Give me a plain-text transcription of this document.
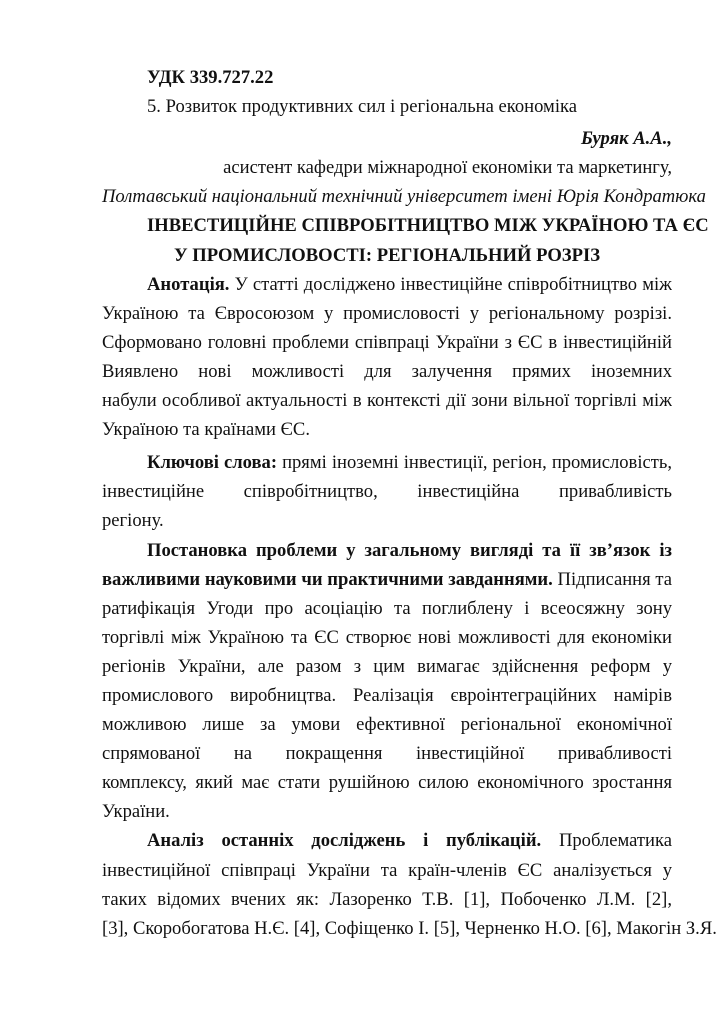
УДК 339.727.22
5. Розвиток продуктивних сил і регіональна економіка
Буряк А.А.,
асистент кафедри міжнародної економіки та маркетингу,
Полтавський національний технічний університет імені Юрія Кондратюка
ІНВЕСТИЦІЙНЕ СПІВРОБІТНИЦТВО МІЖ УКРАЇНОЮ ТА ЄС
У ПРОМИСЛОВОСТІ: РЕГІОНАЛЬНИЙ РОЗРІЗ
Анотація. У статті досліджено інвестиційне співробітництво між
Україною та Євросоюзом у промисловості у регіональному розрізі.
Сформовано головні проблеми співпраці України з ЄС в інвестиційній
Виявлено нові можливості для залучення прямих іноземних
набули особливої актуальності в контексті дії зони вільної торгівлі між
Україною та країнами ЄС.
Ключові слова: прямі іноземні інвестиції, регіон, промисловість,
інвестиційне співробітництво, інвестиційна привабливість
регіону.
Постановка проблеми у загальному вигляді та її зв’язок із
важливими науковими чи практичними завданнями. Підписання та
ратифікація Угоди про асоціацію та поглиблену і всеосяжну зону
торгівлі між Україною та ЄС створює нові можливості для економіки
регіонів України, але разом з цим вимагає здійснення реформ у
промислового виробництва. Реалізація євроінтеграційних намірів
можливою лише за умови ефективної регіональної економічної
спрямованої на покращення інвестиційної привабливості
комплексу, який має стати рушійною силою економічного зростання
України.
Аналіз останніх досліджень і публікацій. Проблематика
інвестиційної співпраці України та країн-членів ЄС аналізується у
таких відомих вчених як: Лазоренко Т.В. [1], Побоченко Л.М. [2],
[3], Скоробогатова Н.Є. [4], Софіщенко І. [5], Черненко Н.О. [6], Макогін З.Я.
